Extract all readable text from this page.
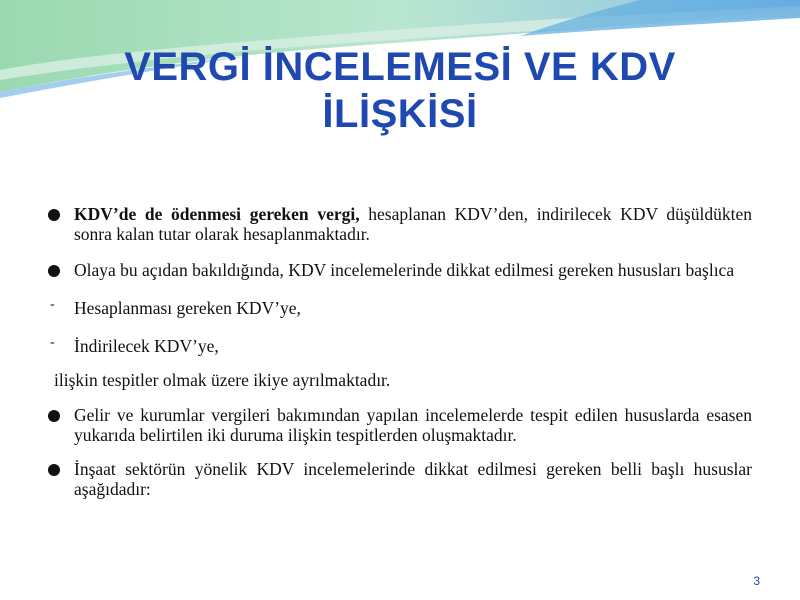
VERGİ İNCELEMESİ VE KDV
İLİŞKİSİ
KDV’de de ödenmesi gereken vergi, hesaplanan KDV’den, indirilecek KDV düşüldükten sonra kalan tutar olarak hesaplanmaktadır.
Olaya bu açıdan bakıldığında, KDV incelemelerinde dikkat edilmesi gereken hususları başlıca
- Hesaplanması gereken KDV’ye,
- İndirilecek KDV’ye,
ilişkin tespitler olmak üzere ikiye ayrılmaktadır.
Gelir ve kurumlar vergileri bakımından yapılan incelemelerde tespit edilen hususlarda esasen yukarıda belirtilen iki duruma ilişkin tespitlerden oluşmaktadır.
İnşaat sektörün yönelik KDV incelemelerinde dikkat edilmesi gereken belli başlı hususlar aşağıdadır:
3
